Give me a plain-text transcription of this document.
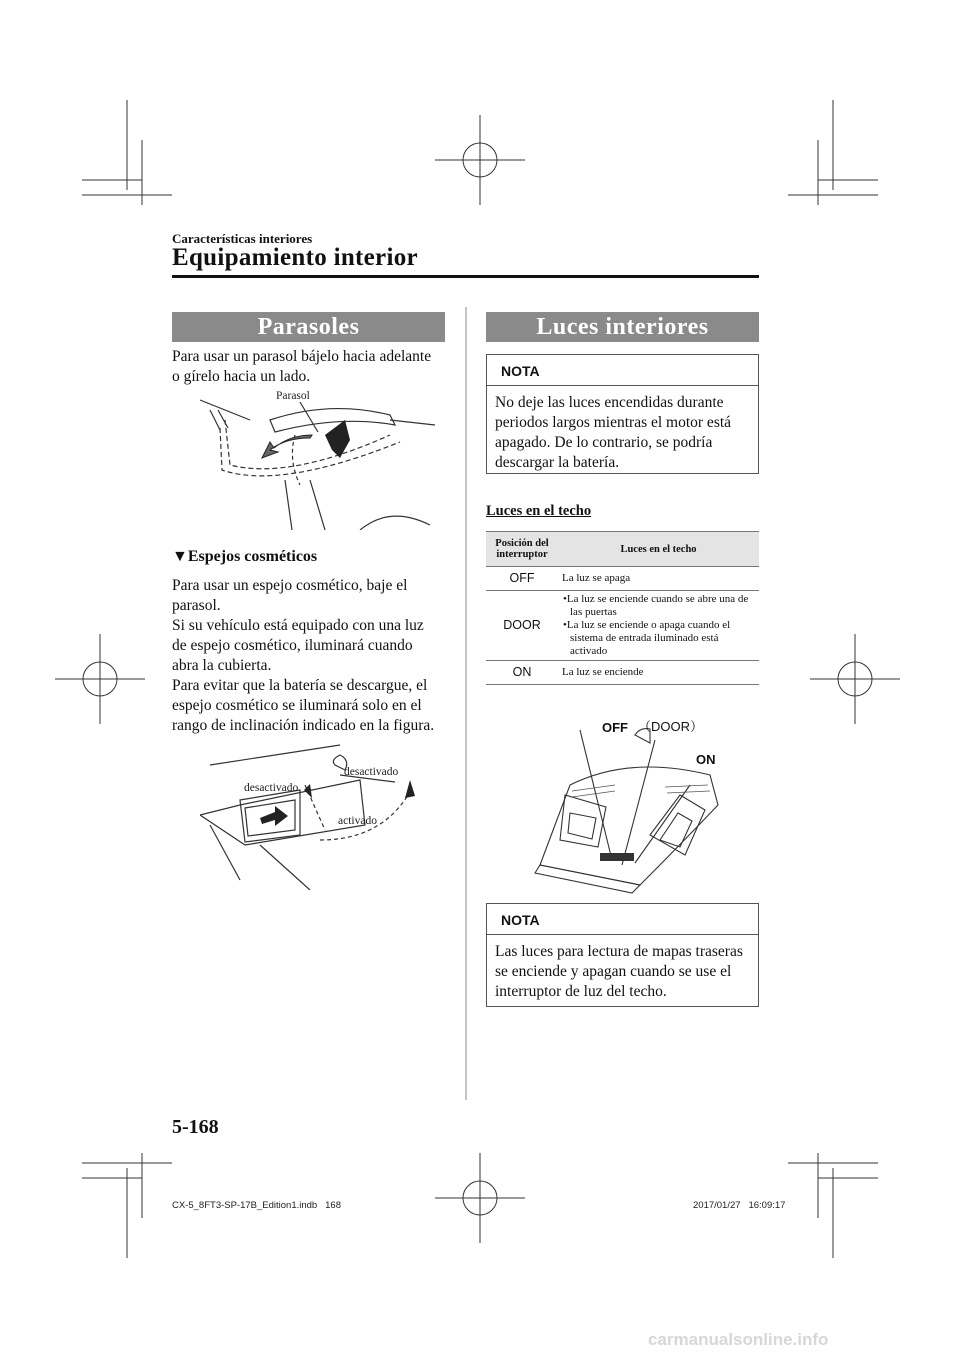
Características interiores
Equipamiento interior
Parasoles
Para usar un parasol bájelo hacia adelante
o gírelo hacia un lado.
Parasol
▼Espejos cosméticos
Para usar un espejo cosmético, baje el
parasol.
Si su vehículo está equipado con una luz
de espejo cosmético, iluminará cuando
abra la cubierta.
Para evitar que la batería se descargue, el
espejo cosmético se iluminará solo en el
rango de inclinación indicado en la figura.
desactivado
desactivado
activado
Luces interiores
NOTA
No deje las luces encendidas durante
periodos largos mientras el motor está
apagado. De lo contrario, se podría
descargar la batería.
Luces en el techo
Posición del interruptor	Luces en el techo
OFF	La luz se apaga
DOOR	•La luz se enciende cuando se abre una de las puertas
•La luz se enciende o apaga cuando el sistema de entrada iluminado está activado

ON	La luz se enciende
OFF （DOOR）
ON
NOTA
Las luces para lectura de mapas traseras
se enciende y apagan cuando se use el
interruptor de luz del techo.
5-168
CX-5_8FT3-SP-17B_Edition1.indb   168	2017/01/27   16:09:17
carmanualsonline.info
